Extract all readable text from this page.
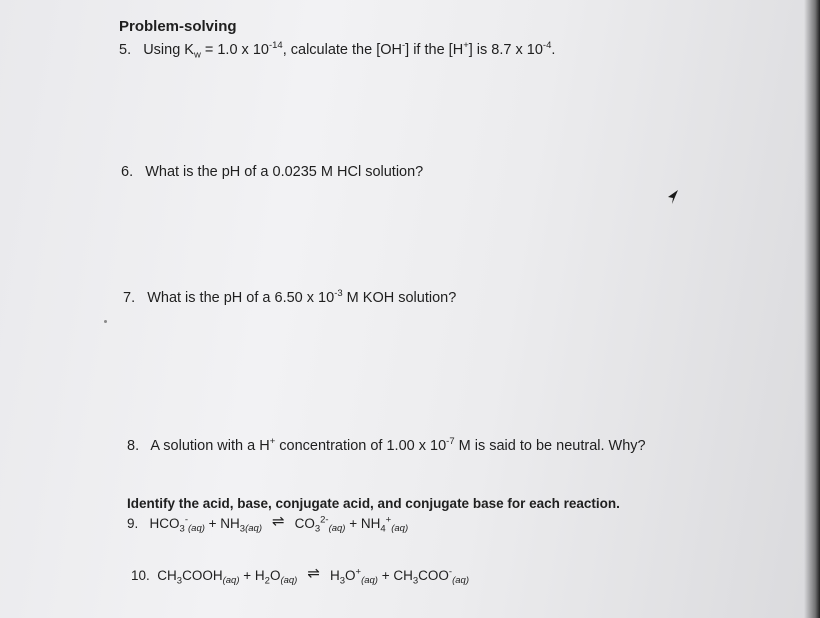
Problem-solving
5. Using $K_w = 1.0$ x $10^{-14}$, calculate the [OH-] if the [H+] is 8.7 x $10^{-4}$.
6. What is the pH of a 0.0235 M HCl solution?
7. What is the pH of a 6.50 x $10^{-3}$ M KOH solution?
8. A solution with a H+ concentration of 1.00 x $10^{-7}$ M is said to be neutral. Why?
Identify the acid, base, conjugate acid, and conjugate base for each reaction.
9. $HCO_3^-_{(aq)} + NH_{3(aq)}$ ⇌ $CO_3^{2-}_{(aq)} + NH_4^+_{(aq)}$
10. $CH_3COOH_{(aq)} + H_2O_{(aq)}$ ⇌ $H_3O^+_{(aq)} + CH_3COO^-_{(aq)}$
